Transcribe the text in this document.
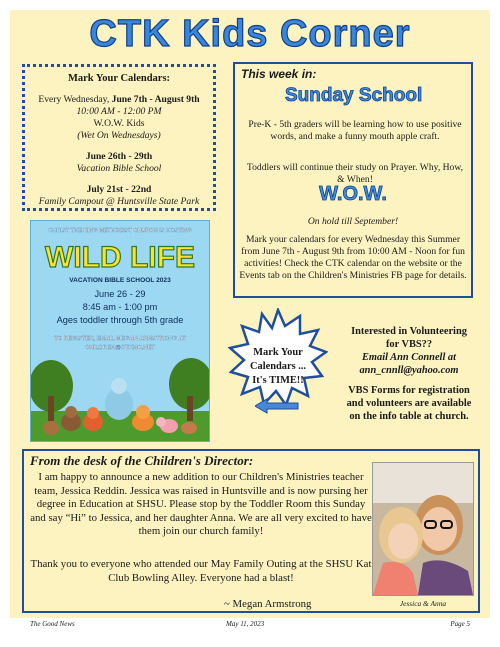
CTK Kids Corner
Mark Your Calendars:
Every Wednesday, June 7th - August 9th
10:00 AM - 12:00 PM
W.O.W. Kids
(Wet On Wednesdays)
June 26th - 29th
Vacation Bible School
July 21st - 22nd
Family Campout @ Huntsville State Park
This week in:
Sunday School
Pre-K - 5th graders will be learning how to use positive words, and make a funny mouth apple craft.
Toddlers will continue their study on Prayer. Why, How, & When!
W.O.W.
On hold till September!
Mark your calendars for every Wednesday this Summer from June 7th - August 9th from 10:00 AM - Noon for fun activities! Check the CTK calendar on the website or the Events tab on the Children's Ministries FB page for details.
CHRIST THE KING METHODIST CHURCH IS HOSTING
WILD LIFE
VACATION BIBLE SCHOOL 2023
June 26 - 29
8:45 am - 1:00 pm
Ages toddler through 5th grade
TO REGISTER, EMAIL MEGAN ARMSTRONG AT CHILDREN@CTKMC.NET	Mark Your
Calendars ...
It's TIME!!
Interested in Volunteering
for VBS??
Email Ann Connell at
ann_cnnll@yahoo.com
VBS Forms for registration
and volunteers are available
on the info table at church.
From the desk of the Children's Director:
I am happy to announce a new addition to our Children's Ministries teacher team, Jessica Reddin. Jessica was raised in Huntsville and is now pursing her degree in Education at SHSU. Please stop by the Toddler Room this Sunday and say “Hi” to Jessica, and her daughter Anna. We are all very excited to have them join our church family!
Thank you to everyone who attended our May Family Outing at the SHSU Kat Club Bowling Alley. Everyone had a blast!
~ Megan Armstrong	Jessica & Anna
The Good News	May 11, 2023	Page 5
